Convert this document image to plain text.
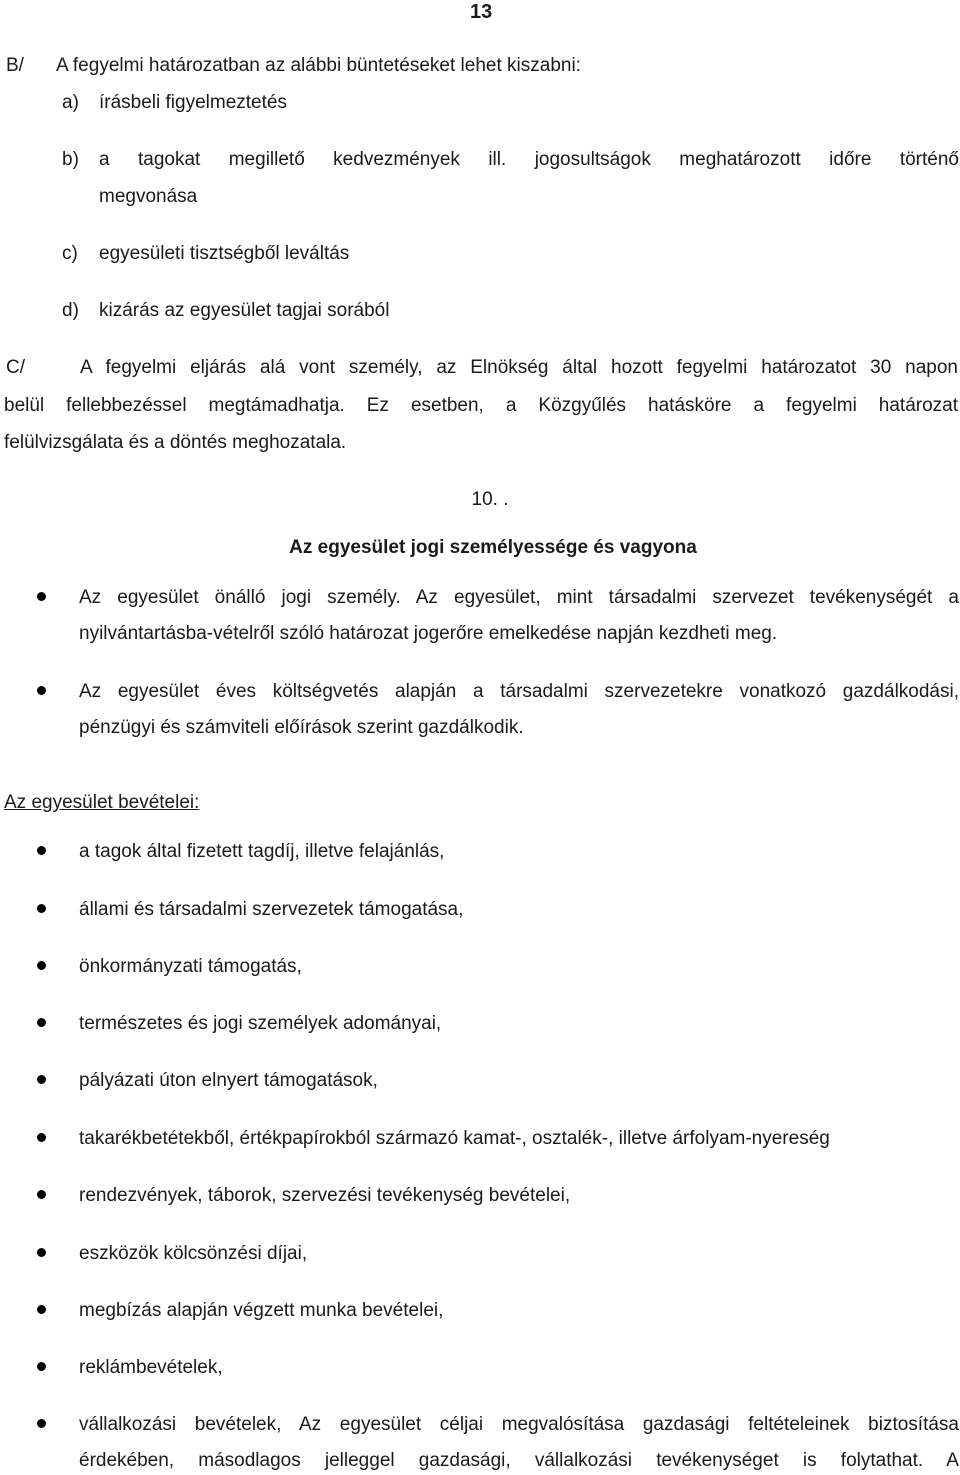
13
B/ A fegyelmi határozatban az alábbi büntetéseket lehet kiszabni:
a) írásbeli figyelmeztetés
b) a tagokat megillető kedvezmények ill. jogosultságok meghatározott időre történő
megvonása
c) egyesületi tisztségből leváltás
d) kizárás az egyesület tagjai sorából
C/	A fegyelmi eljárás alá vont személy, az Elnökség által hozott fegyelmi határozatot 30 napon
belül fellebbezéssel megtámadhatja. Ez esetben, a Közgyűlés hatásköre a fegyelmi határozat
felülvizsgálata és a döntés meghozatala.
10. .
Az egyesület jogi személyessége és vagyona
Az egyesület önálló jogi személy. Az egyesület, mint társadalmi szervezet tevékenységét a
nyilvántartásba-vételről szóló határozat jogerőre emelkedése napján kezdheti meg.
Az egyesület éves költségvetés alapján a társadalmi szervezetekre vonatkozó gazdálkodási,
pénzügyi és számviteli előírások szerint gazdálkodik.
Az egyesület bevételei:
a tagok által fizetett tagdíj, illetve felajánlás,
állami és társadalmi szervezetek támogatása,
önkormányzati támogatás,
természetes és jogi személyek adományai,
pályázati úton elnyert támogatások,
takarékbetétekből, értékpapírokból származó kamat-, osztalék-, illetve árfolyam-nyereség
rendezvények, táborok, szervezési tevékenység bevételei,
eszközök kölcsönzési díjai,
megbízás alapján végzett munka bevételei,
reklámbevételek,
vállalkozási bevételek, Az egyesület céljai megvalósítása gazdasági feltételeinek biztosítása
érdekében, másodlagos jelleggel gazdasági, vállalkozási tevékenységet is folytathat. A
